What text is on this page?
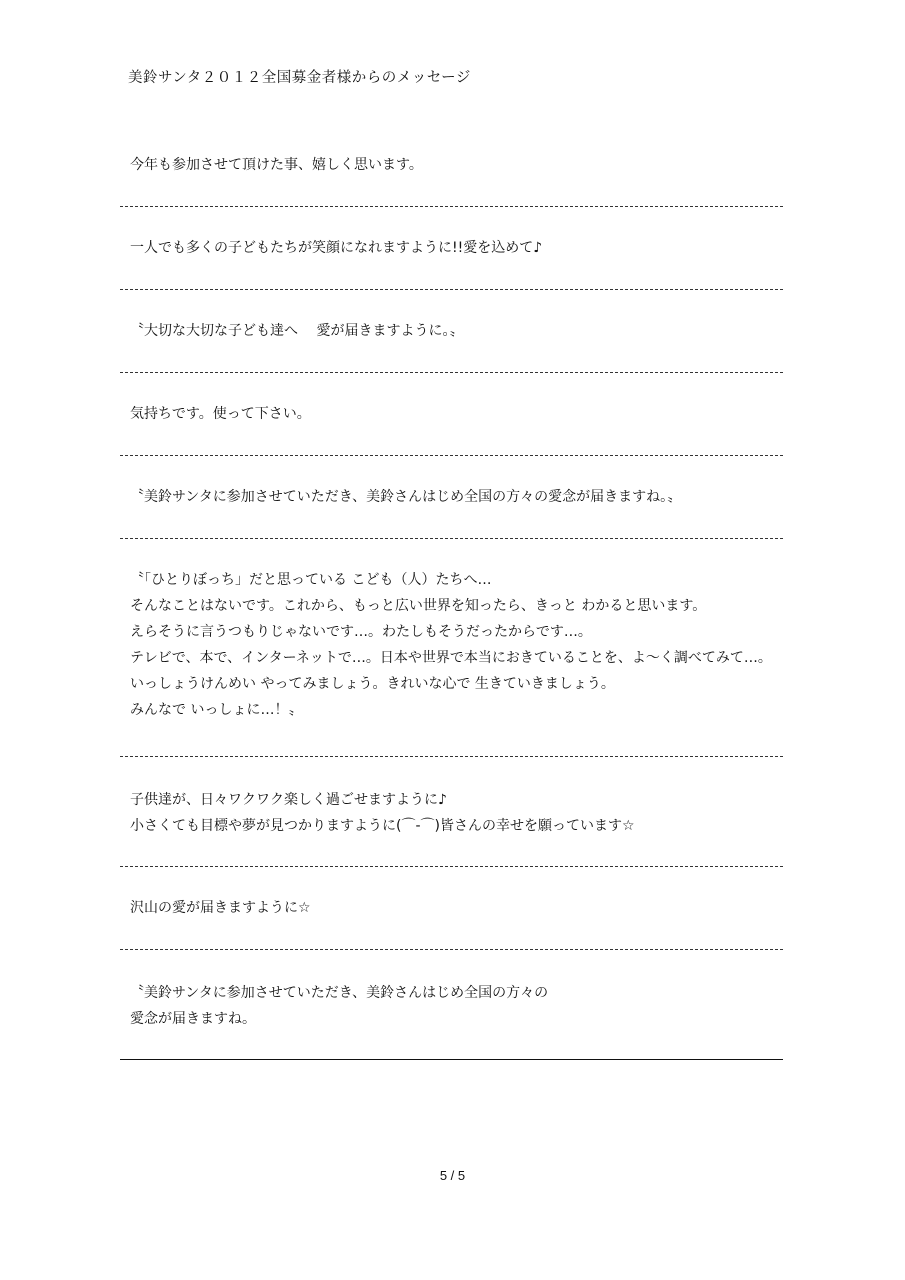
美鈴サンタ２０１２全国募金者様からのメッセージ
今年も参加させて頂けた事、嬉しく思います。
一人でも多くの子どもたちが笑顔になれますように!!愛を込めて♪
〝大切な大切な子ども達へ　 愛が届きますように。〟
気持ちです。使って下さい。
〝美鈴サンタに参加させていただき、美鈴さんはじめ全国の方々の愛念が届きますね。〟
〝「ひとりぼっち」だと思っている こども（人）たちへ…
そんなことはないです。これから、もっと広い世界を知ったら、きっと わかると思います。
えらそうに言うつもりじゃないです…。わたしもそうだったからです…。
テレビで、本で、インターネットで…。日本や世界で本当におきていることを、よ～く調べてみて…。
いっしょうけんめい やってみましょう。きれいな心で 生きていきましょう。
みんなで いっしょに…！〟
子供達が、日々ワクワク楽しく過ごせますように♪
小さくても目標や夢が見つかりますように(⌒-⌒)皆さんの幸せを願っています☆
沢山の愛が届きますように☆
〝美鈴サンタに参加させていただき、美鈴さんはじめ全国の方々の
愛念が届きますね。
5 / 5
